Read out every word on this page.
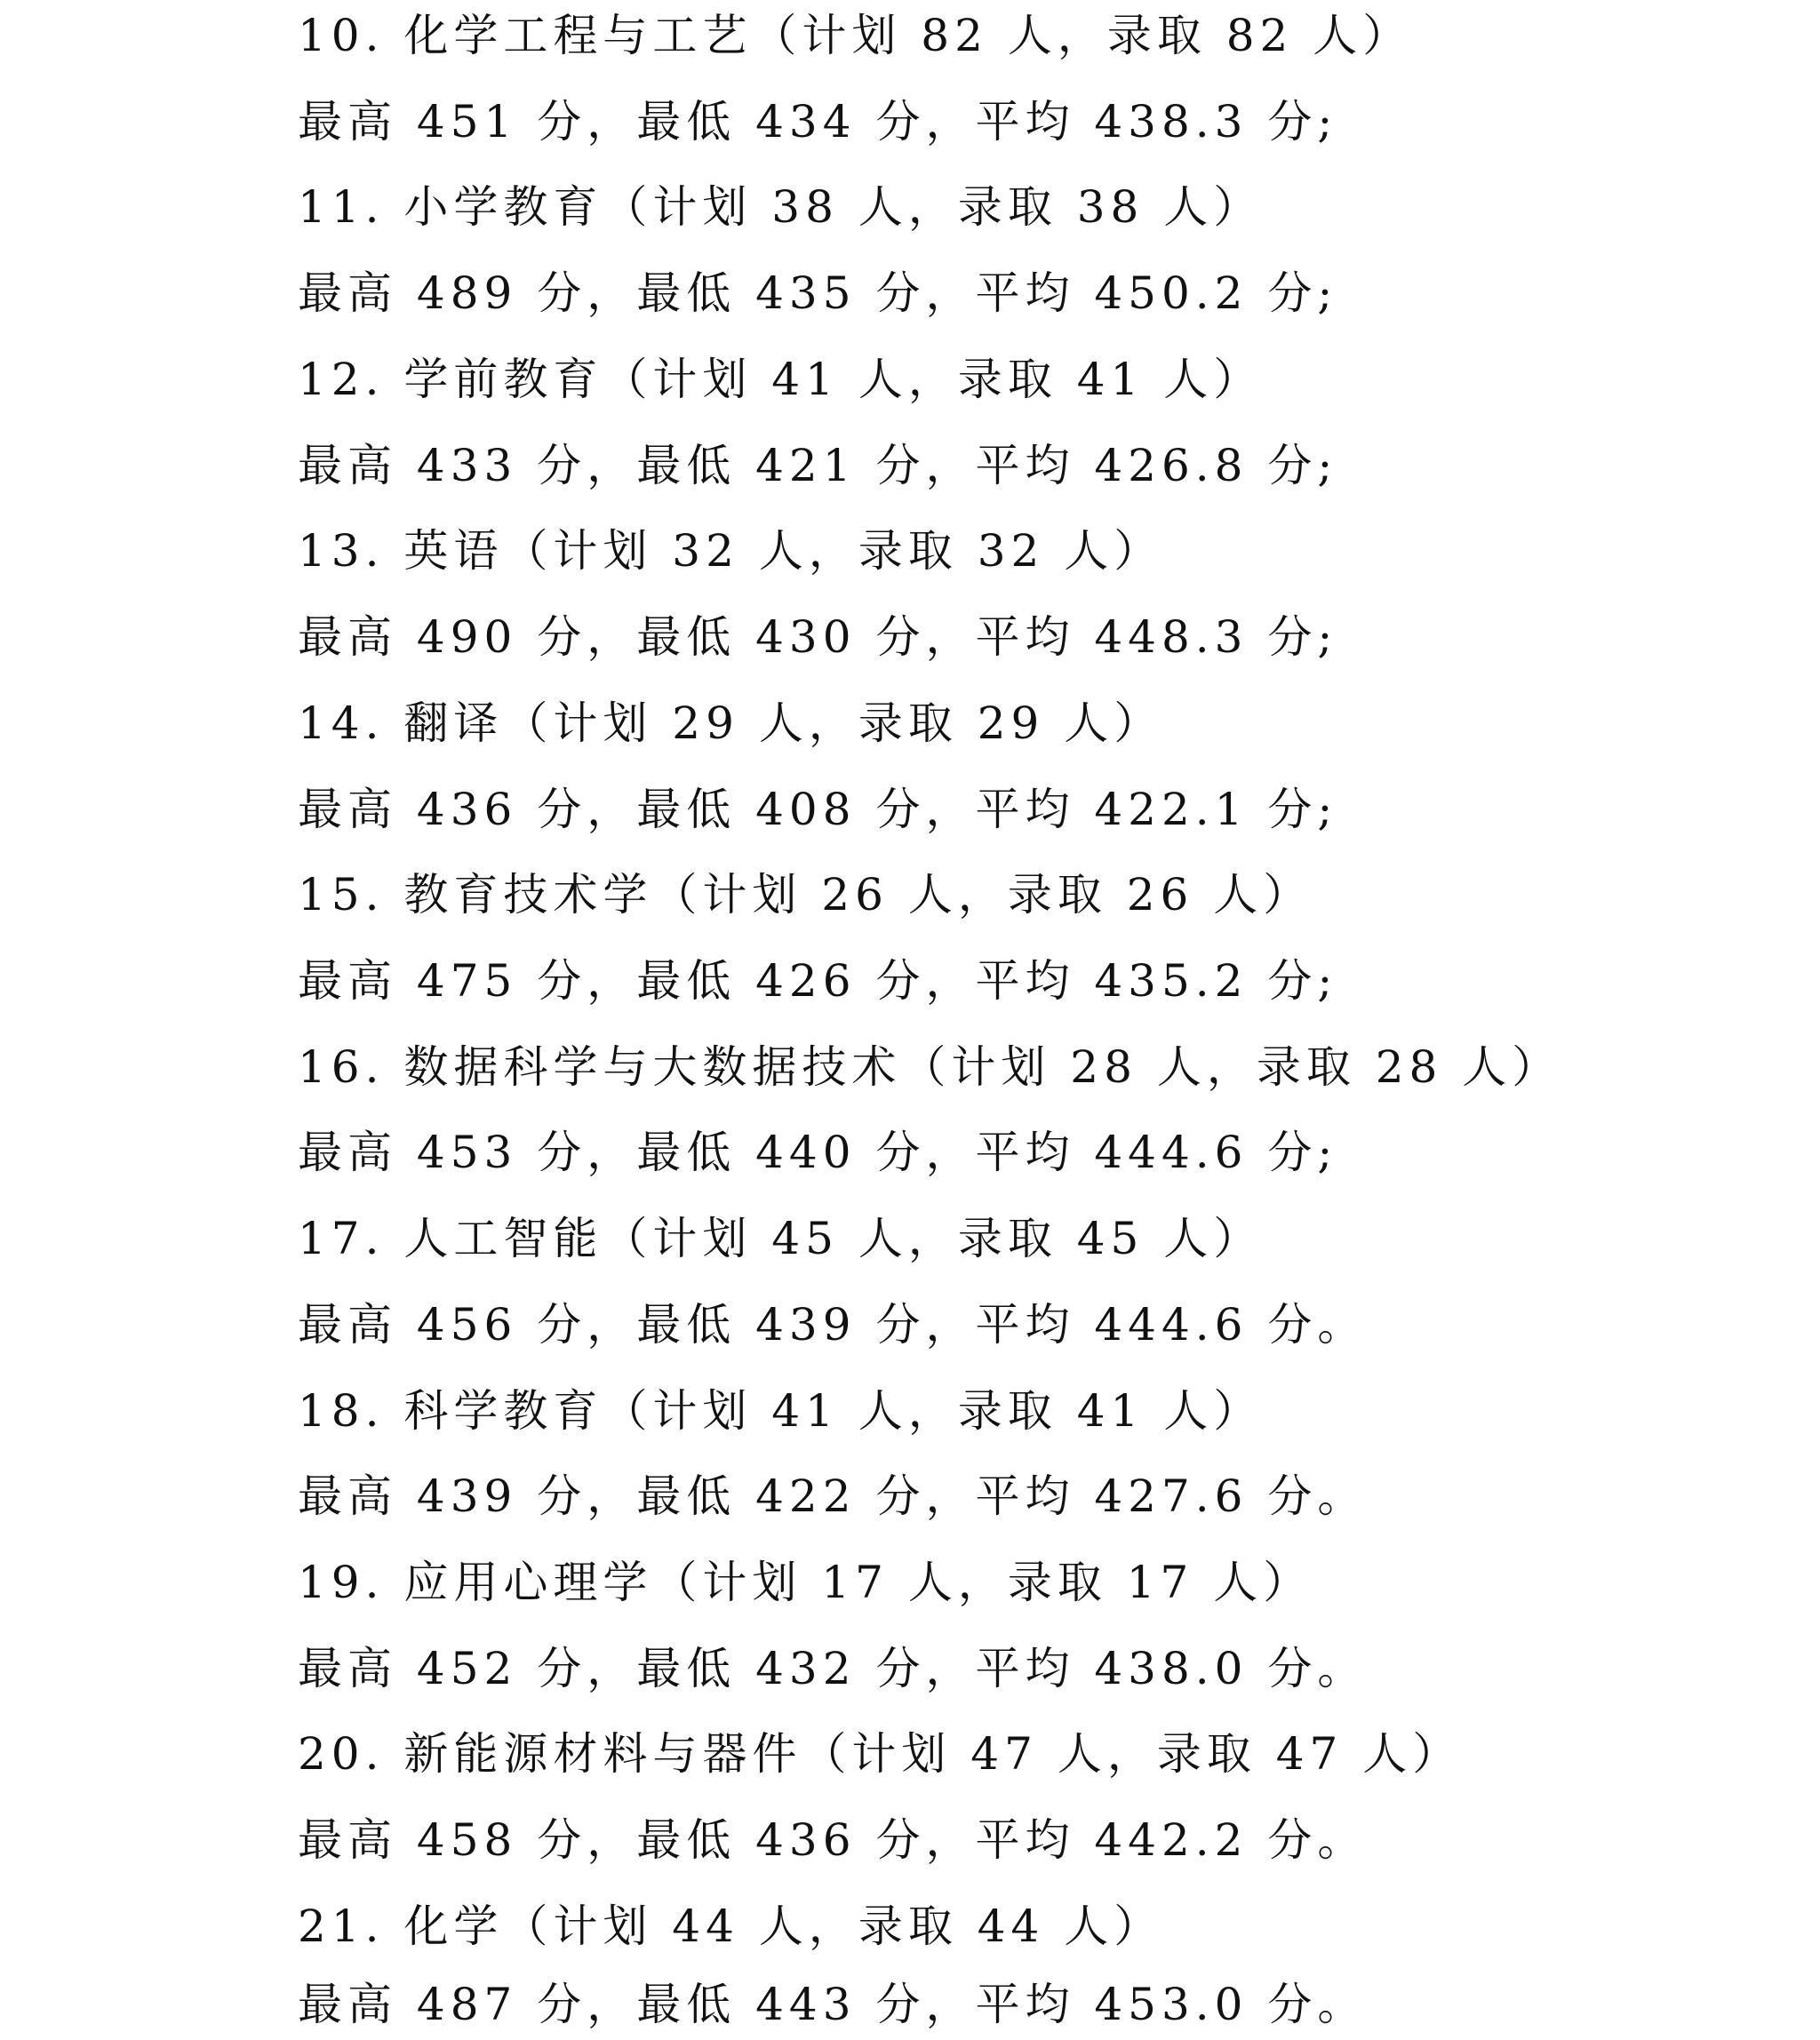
10. 化学工程与工艺（计划 82 人，录取 82 人）
最高 451 分，最低 434 分，平均 438.3 分;
11. 小学教育（计划 38 人，录取 38 人）
最高 489 分，最低 435 分，平均 450.2 分;
12. 学前教育（计划 41 人，录取 41 人）
最高 433 分，最低 421 分，平均 426.8 分;
13. 英语（计划 32 人，录取 32 人）
最高 490 分，最低 430 分，平均 448.3 分;
14. 翻译（计划 29 人，录取 29 人）
最高 436 分，最低 408 分，平均 422.1 分;
15. 教育技术学（计划 26 人，录取 26 人）
最高 475 分，最低 426 分，平均 435.2 分;
16. 数据科学与大数据技术（计划 28 人，录取 28 人）
最高 453 分，最低 440 分，平均 444.6 分;
17. 人工智能（计划 45 人，录取 45 人）
最高 456 分，最低 439 分，平均 444.6 分。
18. 科学教育（计划 41 人，录取 41 人）
最高 439 分，最低 422 分，平均 427.6 分。
19. 应用心理学（计划 17 人，录取 17 人）
最高 452 分，最低 432 分，平均 438.0 分。
20. 新能源材料与器件（计划 47 人，录取 47 人）
最高 458 分，最低 436 分，平均 442.2 分。
21. 化学（计划 44 人，录取 44 人）
最高 487 分，最低 443 分，平均 453.0 分。
